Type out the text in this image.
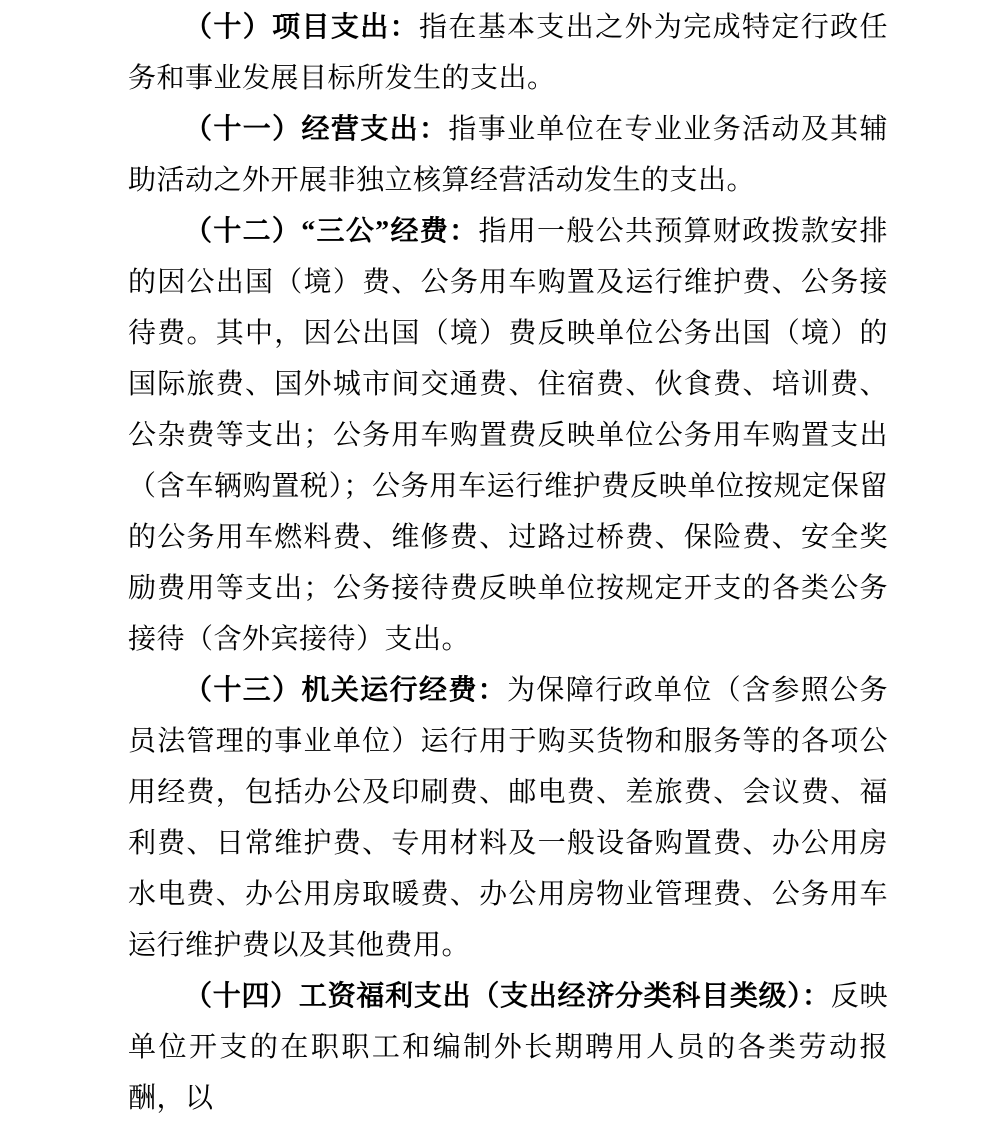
（十）项目支出：指在基本支出之外为完成特定行政任务和事业发展目标所发生的支出。

（十一）经营支出：指事业单位在专业业务活动及其辅助活动之外开展非独立核算经营活动发生的支出。

（十二）“三公”经费：指用一般公共预算财政拨款安排的因公出国（境）费、公务用车购置及运行维护费、公务接待费。其中，因公出国（境）费反映单位公务出国（境）的国际旅费、国外城市间交通费、住宿费、伙食费、培训费、公杂费等支出；公务用车购置费反映单位公务用车购置支出（含车辆购置税）；公务用车运行维护费反映单位按规定保留的公务用车燃料费、维修费、过路过桥费、保险费、安全奖励费用等支出；公务接待费反映单位按规定开支的各类公务接待（含外宾接待）支出。

（十三）机关运行经费：为保障行政单位（含参照公务员法管理的事业单位）运行用于购买货物和服务等的各项公用经费，包括办公及印刷费、邮电费、差旅费、会议费、福利费、日常维护费、专用材料及一般设备购置费、办公用房水电费、办公用房取暖费、办公用房物业管理费、公务用车运行维护费以及其他费用。

（十四）工资福利支出（支出经济分类科目类级）：反映单位开支的在职职工和编制外长期聘用人员的各类劳动报酬，以
